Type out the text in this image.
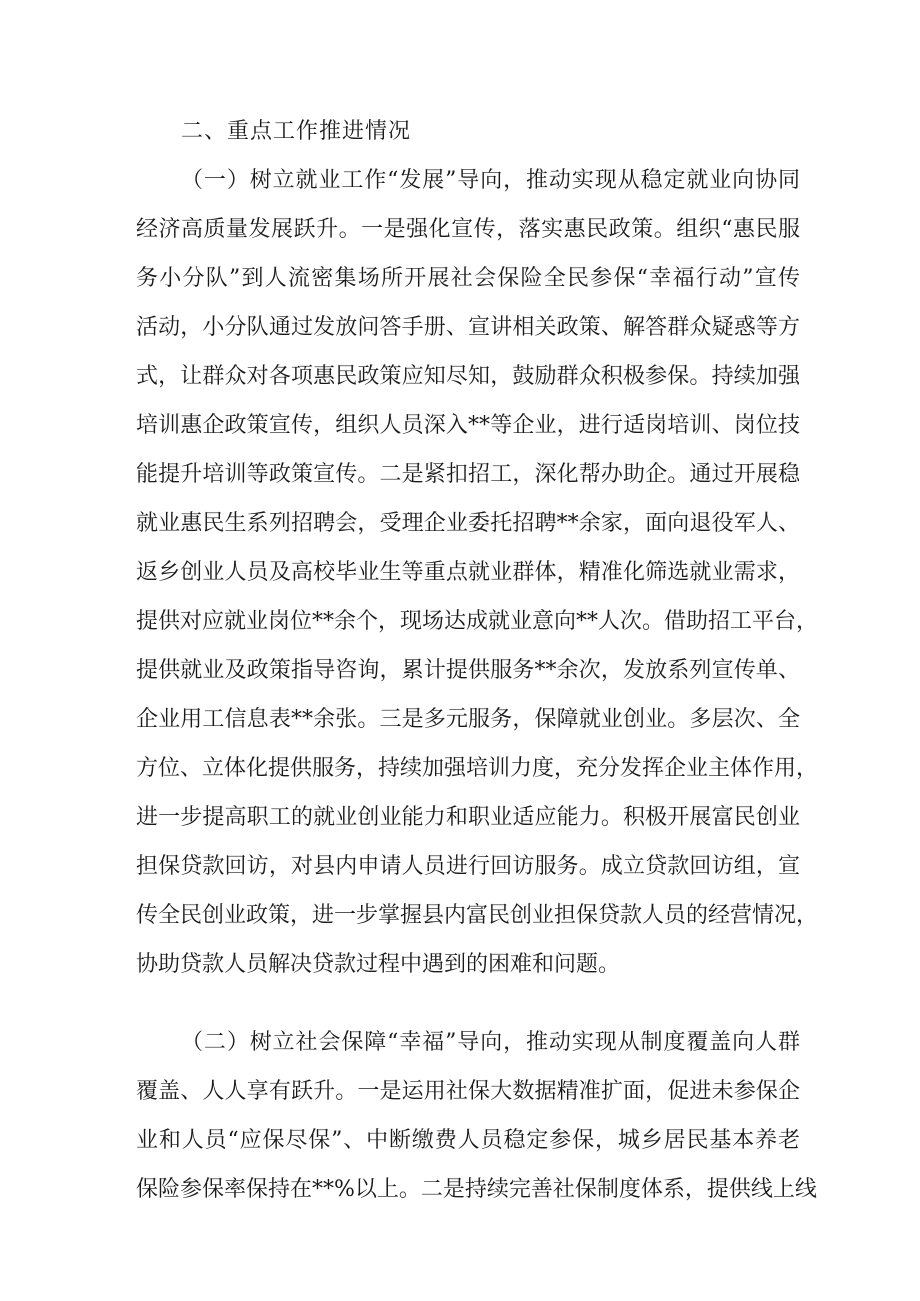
二、重点工作推进情况
（一）树立就业工作“发展”导向，推动实现从稳定就业向协同
经济高质量发展跃升。一是强化宣传，落实惠民政策。组织“惠民服
务小分队”到人流密集场所开展社会保险全民参保“幸福行动”宣传
活动，小分队通过发放问答手册、宣讲相关政策、解答群众疑惑等方
式，让群众对各项惠民政策应知尽知，鼓励群众积极参保。持续加强
培训惠企政策宣传，组织人员深入**等企业，进行适岗培训、岗位技
能提升培训等政策宣传。二是紧扣招工，深化帮办助企。通过开展稳
就业惠民生系列招聘会，受理企业委托招聘**余家，面向退役军人、
返乡创业人员及高校毕业生等重点就业群体，精准化筛选就业需求，
提供对应就业岗位**余个，现场达成就业意向**人次。借助招工平台，
提供就业及政策指导咨询，累计提供服务**余次，发放系列宣传单、
企业用工信息表**余张。三是多元服务，保障就业创业。多层次、全
方位、立体化提供服务，持续加强培训力度，充分发挥企业主体作用，
进一步提高职工的就业创业能力和职业适应能力。积极开展富民创业
担保贷款回访，对县内申请人员进行回访服务。成立贷款回访组，宣
传全民创业政策，进一步掌握县内富民创业担保贷款人员的经营情况，
协助贷款人员解决贷款过程中遇到的困难和问题。
（二）树立社会保障“幸福”导向，推动实现从制度覆盖向人群
覆盖、人人享有跃升。一是运用社保大数据精准扩面，促进未参保企
业和人员“应保尽保”、中断缴费人员稳定参保，城乡居民基本养老
保险参保率保持在**%以上。二是持续完善社保制度体系，提供线上线
